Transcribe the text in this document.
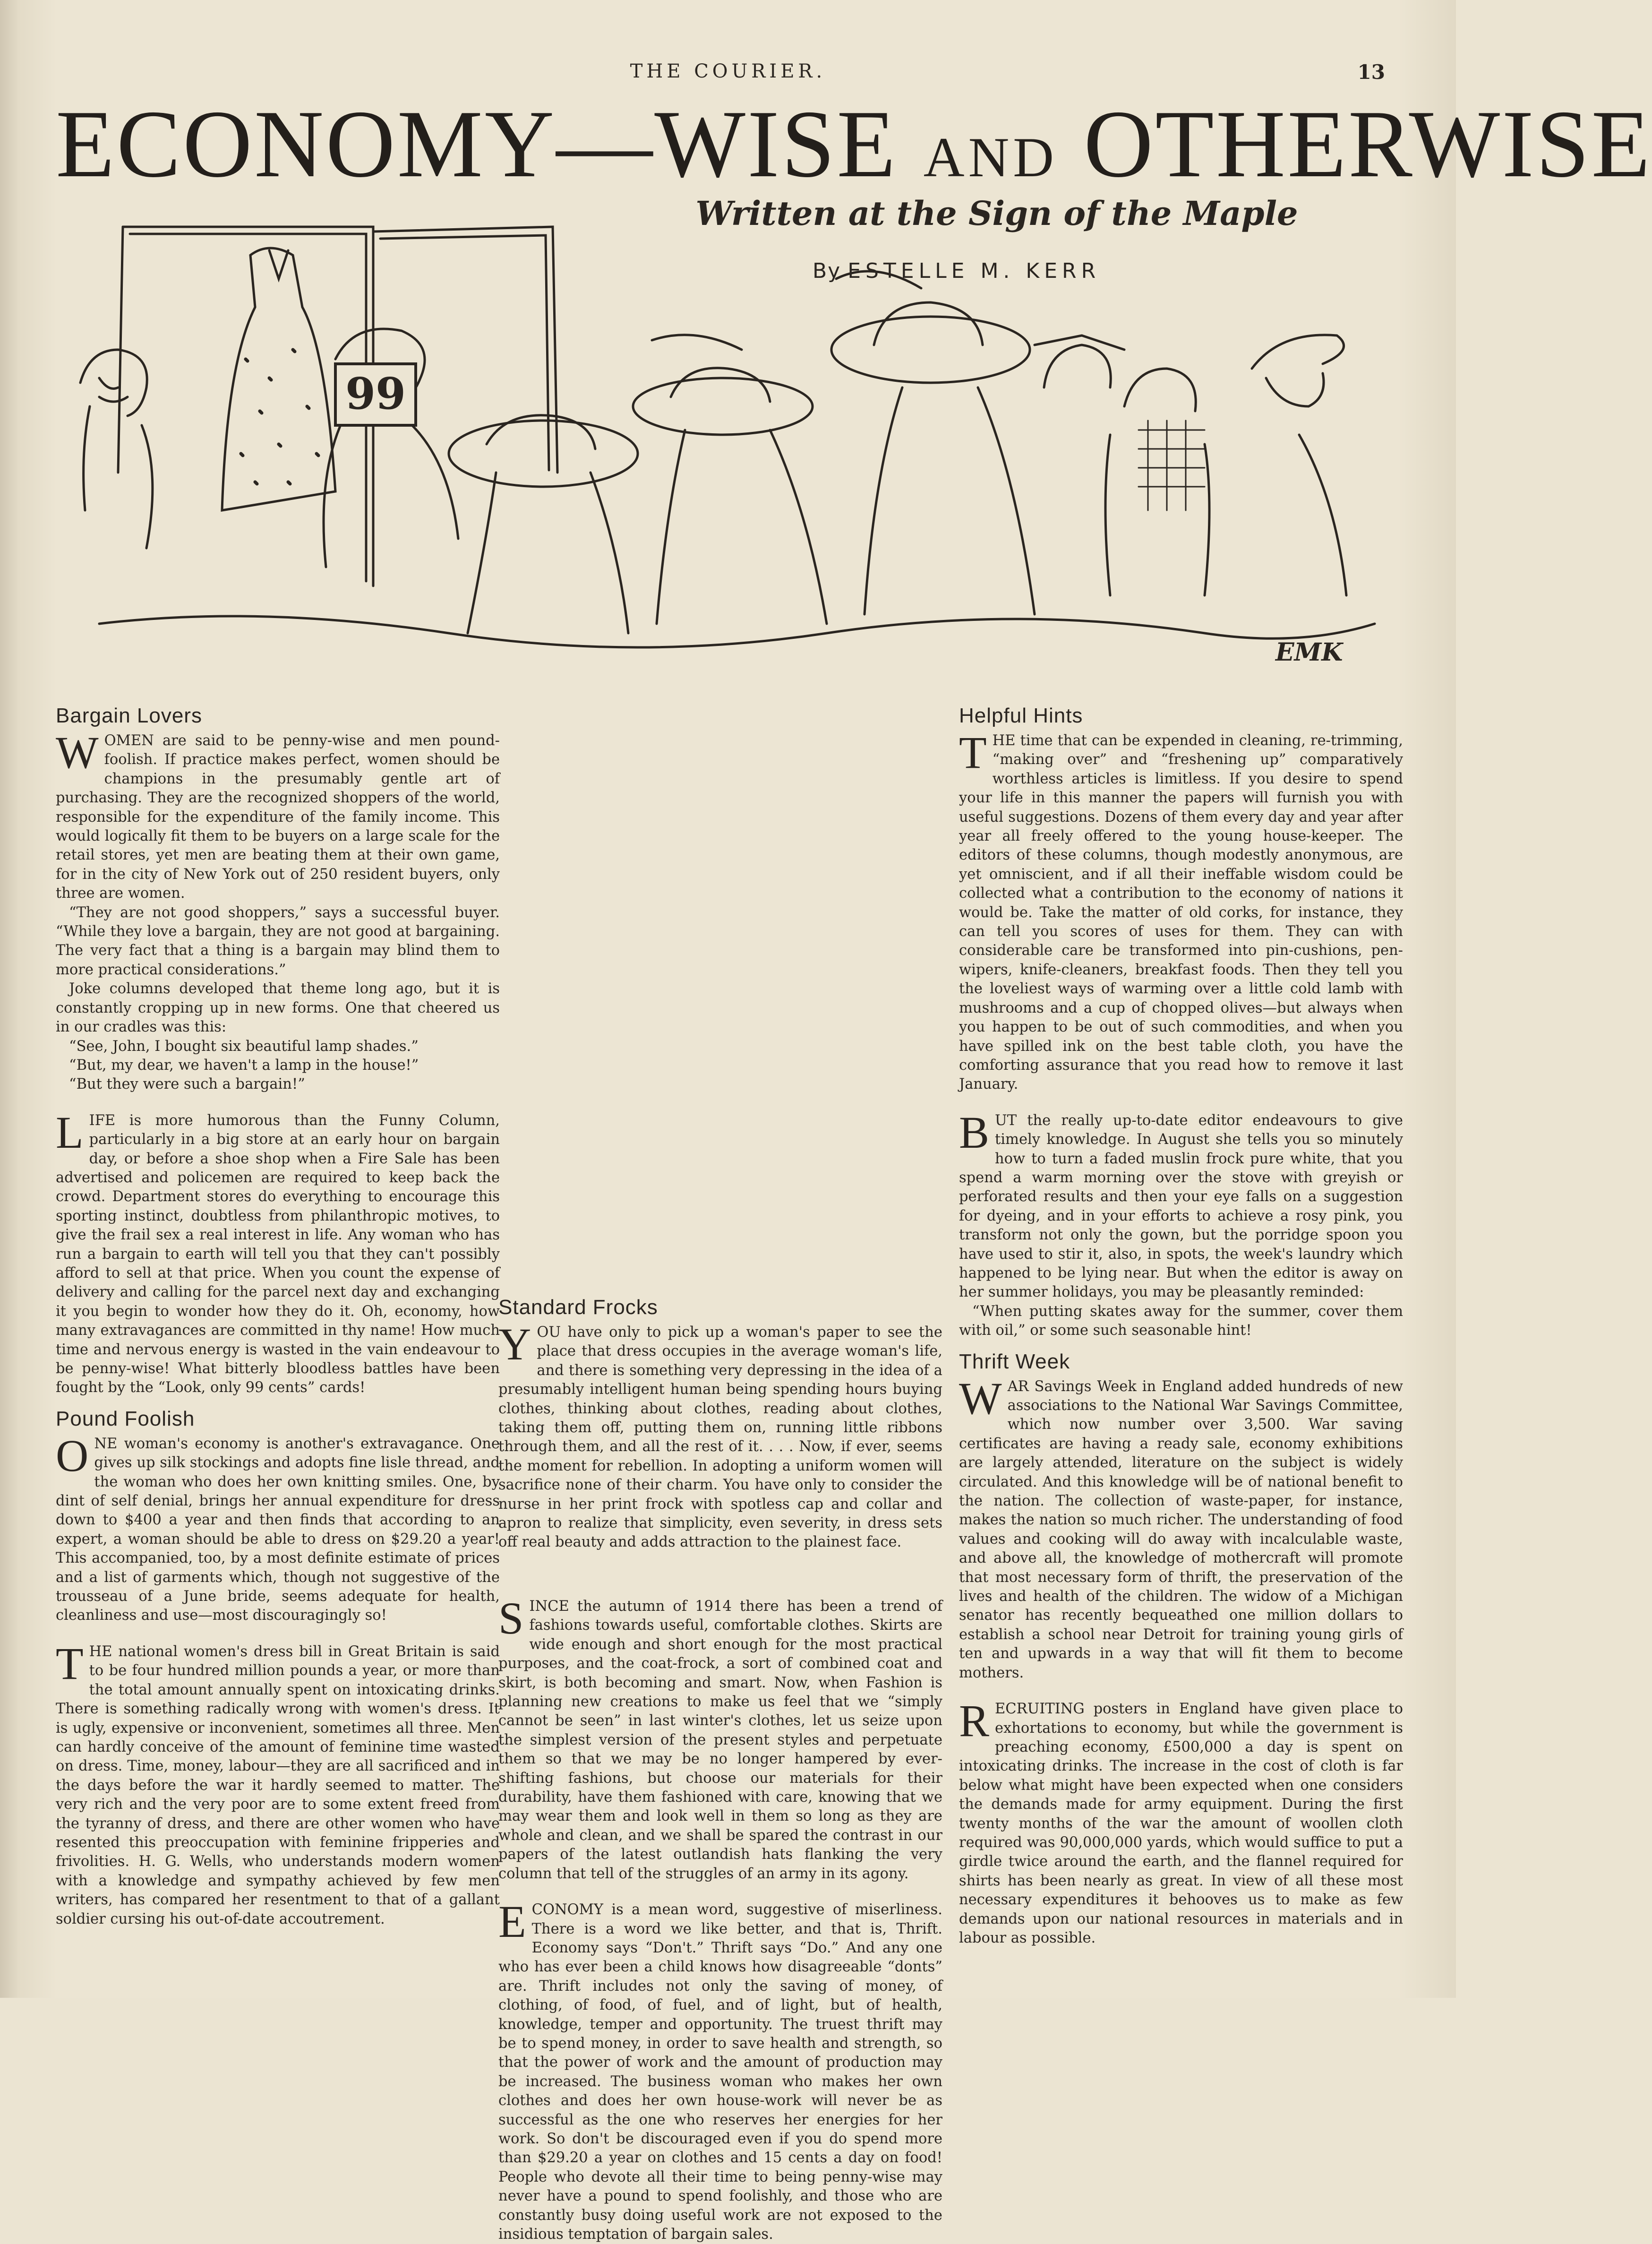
THE COURIER.	13
ECONOMY—WISE AND OTHERWISE
Written at the Sign of the Maple
By ESTELLE M. KERR
99
EMK
Bargain Lovers

WOMEN are said to be penny-wise and men pound-foolish. If practice makes perfect, women should be champions in the presumably gentle art of purchasing. They are the recognized shoppers of the world, responsible for the expenditure of the family income. This would logically fit them to be buyers on a large scale for the retail stores, yet men are beating them at their own game, for in the city of New York out of 250 resident buyers, only three are women.

“They are not good shoppers,” says a successful buyer. “While they love a bargain, they are not good at bargaining. The very fact that a thing is a bargain may blind them to more practical considerations.”

Joke columns developed that theme long ago, but it is constantly cropping up in new forms. One that cheered us in our cradles was this:

“See, John, I bought six beautiful lamp shades.”

“But, my dear, we haven't a lamp in the house!”

“But they were such a bargain!”

LIFE is more humorous than the Funny Column, particularly in a big store at an early hour on bargain day, or before a shoe shop when a Fire Sale has been advertised and policemen are required to keep back the crowd. Department stores do everything to encourage this sporting instinct, doubtless from philanthropic motives, to give the frail sex a real interest in life. Any woman who has run a bargain to earth will tell you that they can't possibly afford to sell at that price. When you count the expense of delivery and calling for the parcel next day and exchanging it you begin to wonder how they do it. Oh, economy, how many extravagances are committed in thy name! How much time and nervous energy is wasted in the vain endeavour to be penny-wise! What bitterly bloodless battles have been fought by the “Look, only 99 cents” cards!

Pound Foolish

ONE woman's economy is another's extravagance. One gives up silk stockings and adopts fine lisle thread, and the woman who does her own knitting smiles. One, by dint of self denial, brings her annual expenditure for dress down to $400 a year and then finds that according to an expert, a woman should be able to dress on $29.20 a year! This accompanied, too, by a most definite estimate of prices and a list of garments which, though not suggestive of the trousseau of a June bride, seems adequate for health, cleanliness and use—most discouragingly so!

THE national women's dress bill in Great Britain is said to be four hundred million pounds a year, or more than the total amount annually spent on intoxicating drinks. There is something radically wrong with women's dress. It is ugly, expensive or inconvenient, sometimes all three. Men can hardly conceive of the amount of feminine time wasted on dress. Time, money, labour—they are all sacrificed and in the days before the war it hardly seemed to matter. The very rich and the very poor are to some extent freed from the tyranny of dress, and there are other women who have resented this preoccupation with feminine fripperies and frivolities. H. G. Wells, who understands modern women with a knowledge and sympathy achieved by few men writers, has compared her resentment to that of a gallant soldier cursing his out-of-date accoutrement.

Standard Frocks

YOU have only to pick up a woman's paper to see the place that dress occupies in the average woman's life, and there is something very depressing in the idea of a presumably intelligent human being spending hours buying clothes, thinking about clothes, reading about clothes, taking them off, putting them on, running little ribbons through them, and all the rest of it. . . . Now, if ever, seems the moment for rebellion. In adopting a uniform women will sacrifice none of their charm. You have only to consider the nurse in her print frock with spotless cap and collar and apron to realize that simplicity, even severity, in dress sets off real beauty and adds attraction to the plainest face.

Helpful Hints

THE time that can be expended in cleaning, re-trimming, “making over” and “freshening up” comparatively worthless articles is limitless. If you desire to spend your life in this manner the papers will furnish you with useful suggestions. Dozens of them every day and year after year all freely offered to the young house-keeper. The editors of these columns, though modestly anonymous, are yet omniscient, and if all their ineffable wisdom could be collected what a contribution to the economy of nations it would be. Take the matter of old corks, for instance, they can tell you scores of uses for them. They can with considerable care be transformed into pin-cushions, pen-wipers, knife-cleaners, breakfast foods. Then they tell you the loveliest ways of warming over a little cold lamb with mushrooms and a cup of chopped olives—but always when you happen to be out of such commodities, and when you have spilled ink on the best table cloth, you have the comforting assurance that you read how to remove it last January.

BUT the really up-to-date editor endeavours to give timely knowledge. In August she tells you so minutely how to turn a faded muslin frock pure white, that you spend a warm morning over the stove with greyish or perforated results and then your eye falls on a suggestion for dyeing, and in your efforts to achieve a rosy pink, you transform not only the gown, but the porridge spoon you have used to stir it, also, in spots, the week's laundry which happened to be lying near. But when the editor is away on her summer holidays, you may be pleasantly reminded:

“When putting skates away for the summer, cover them with oil,” or some such seasonable hint!

Thrift Week

WAR Savings Week in England added hundreds of new associations to the National War Savings Committee, which now number over 3,500. War saving certificates are having a ready sale, economy exhibitions are largely attended, literature on the subject is widely circulated. And this knowledge will be of national benefit to the nation. The collection of waste-paper, for instance, makes the nation so much richer. The understanding of food values and cooking will do away with incalculable waste, and above all, the knowledge of mothercraft will promote that most necessary form of thrift, the preservation of the lives and health of the children. The widow of a Michigan senator has recently bequeathed one million dollars to establish a school near Detroit for training young girls of ten and upwards in a way that will fit them to become mothers.

RECRUITING posters in England have given place to exhortations to economy, but while the government is preaching economy, £500,000 a day is spent on intoxicating drinks. The increase in the cost of cloth is far below what might have been expected when one considers the demands made for army equipment. During the first twenty months of the war the amount of woollen cloth required was 90,000,000 yards, which would suffice to put a girdle twice around the earth, and the flannel required for shirts has been nearly as great. In view of all these most necessary expenditures it behooves us to make as few demands upon our national resources in materials and in labour as possible.

SINCE the autumn of 1914 there has been a trend of fashions towards useful, comfortable clothes. Skirts are wide enough and short enough for the most practical purposes, and the coat-frock, a sort of combined coat and skirt, is both becoming and smart. Now, when Fashion is planning new creations to make us feel that we “simply cannot be seen” in last winter's clothes, let us seize upon the simplest version of the present styles and perpetuate them so that we may be no longer hampered by ever-shifting fashions, but choose our materials for their durability, have them fashioned with care, knowing that we may wear them and look well in them so long as they are whole and clean, and we shall be spared the contrast in our papers of the latest outlandish hats flanking the very column that tell of the struggles of an army in its agony.

ECONOMY is a mean word, suggestive of miserliness. There is a word we like better, and that is, Thrift. Economy says “Don't.” Thrift says “Do.” And any one who has ever been a child knows how disagreeable “donts” are. Thrift includes not only the saving of money, of clothing, of food, of fuel, and of light, but of health, knowledge, temper and opportunity. The truest thrift may be to spend money, in order to save health and strength, so that the power of work and the amount of production may be increased. The business woman who makes her own clothes and does her own house-work will never be as successful as the one who reserves her energies for her work. So don't be discouraged even if you do spend more than $29.20 a year on clothes and 15 cents a day on food! People who devote all their time to being penny-wise may never have a pound to spend foolishly, and those who are constantly busy doing useful work are not exposed to the insidious temptation of bargain sales.
